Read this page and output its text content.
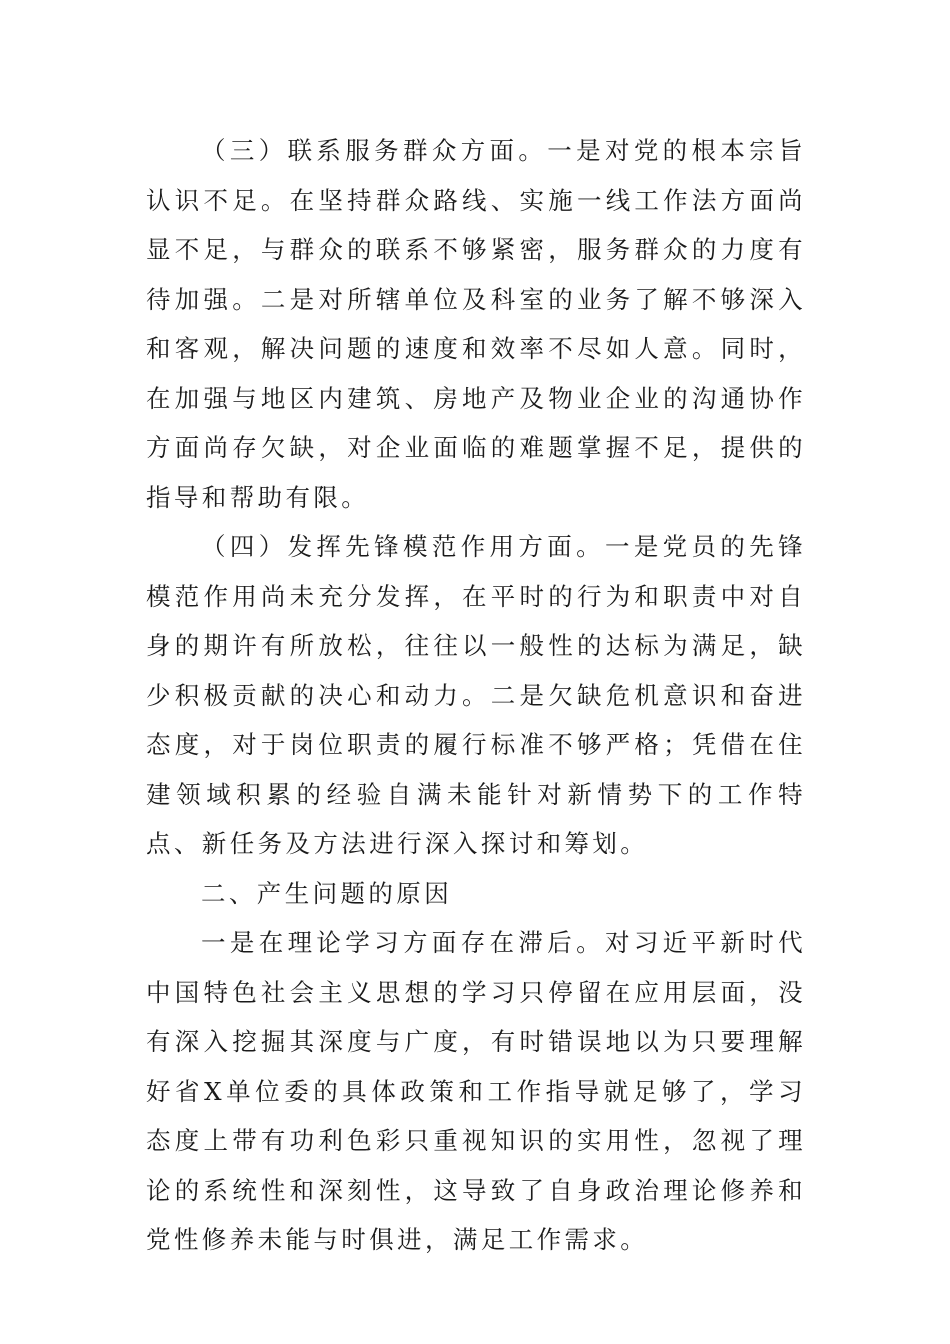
（三）联系服务群众方面。一是对党的根本宗旨认识不足。在坚持群众路线、实施一线工作法方面尚显不足，与群众的联系不够紧密，服务群众的力度有待加强。二是对所辖单位及科室的业务了解不够深入和客观，解决问题的速度和效率不尽如人意。同时，在加强与地区内建筑、房地产及物业企业的沟通协作方面尚存欠缺，对企业面临的难题掌握不足，提供的指导和帮助有限。

（四）发挥先锋模范作用方面。一是党员的先锋模范作用尚未充分发挥，在平时的行为和职责中对自身的期许有所放松，往往以一般性的达标为满足，缺少积极贡献的决心和动力。二是欠缺危机意识和奋进态度，对于岗位职责的履行标准不够严格；凭借在住建领域积累的经验自满未能针对新情势下的工作特点、新任务及方法进行深入探讨和筹划。

二、产生问题的原因

一是在理论学习方面存在滞后。对习近平新时代中国特色社会主义思想的学习只停留在应用层面，没有深入挖掘其深度与广度，有时错误地以为只要理解好省X单位委的具体政策和工作指导就足够了，学习态度上带有功利色彩只重视知识的实用性，忽视了理论的系统性和深刻性，这导致了自身政治理论修养和党性修养未能与时俱进，满足工作需求。
